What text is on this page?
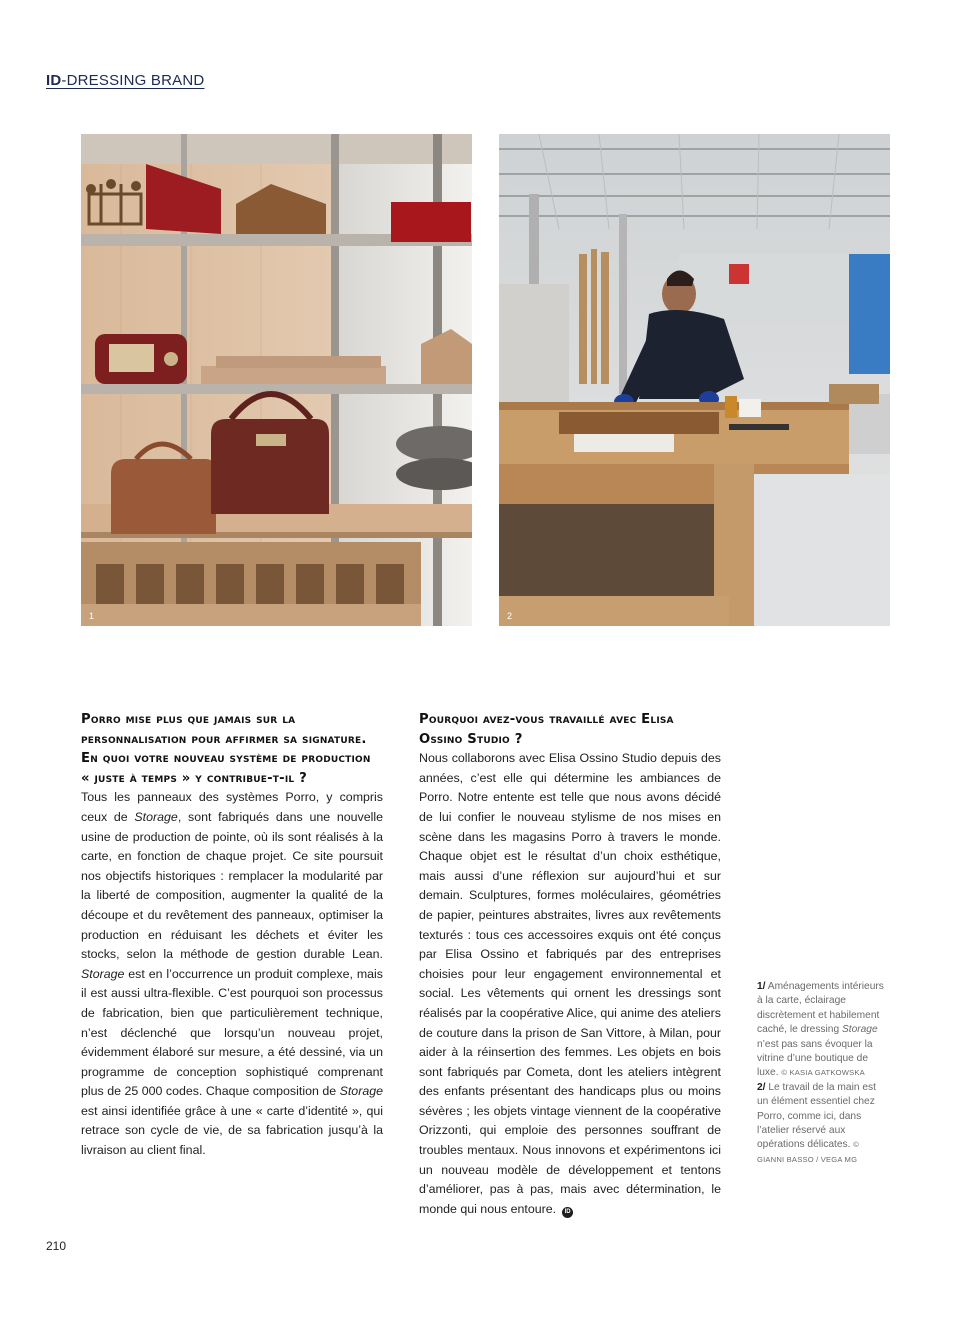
ID-DRESSING BRAND
1	2
Porro mise plus que jamais sur la personnalisation pour affirmer sa signature. En quoi votre nouveau système de production « juste à temps » y contribue-t-il ?
Tous les panneaux des systèmes Porro, y compris ceux de Storage, sont fabriqués dans une nouvelle usine de production de pointe, où ils sont réalisés à la carte, en fonction de chaque projet. Ce site poursuit nos objectifs historiques : remplacer la modularité par la liberté de composition, augmenter la qualité de la découpe et du revêtement des panneaux, optimiser la production en réduisant les déchets et éviter les stocks, selon la méthode de gestion durable Lean. Storage est en l’occurrence un produit complexe, mais il est aussi ultra-flexible. C’est pourquoi son processus de fabrication, bien que particulièrement technique, n’est déclenché que lorsqu’un nouveau projet, évidemment élaboré sur mesure, a été dessiné, via un programme de conception sophistiqué comprenant plus de 25 000 codes. Chaque composition de Storage est ainsi identifiée grâce à une « carte d’identité », qui retrace son cycle de vie, de sa fabrication jusqu’à la livraison au client final.
Pourquoi avez-vous travaillé avec Elisa Ossino Studio ?
Nous collaborons avec Elisa Ossino Studio depuis des années, c’est elle qui détermine les ambiances de Porro. Notre entente est telle que nous avons décidé de lui confier le nouveau stylisme de nos mises en scène dans les magasins Porro à travers le monde. Chaque objet est le résultat d’un choix esthétique, mais aussi d’une réflexion sur aujourd’hui et sur demain. Sculptures, formes moléculaires, géométries de papier, peintures abstraites, livres aux revêtements texturés : tous ces accessoires exquis ont été conçus par Elisa Ossino et fabriqués par des entreprises choisies pour leur engagement environnemental et social. Les vêtements qui ornent les dressings sont réalisés par la coopérative Alice, qui anime des ateliers de couture dans la prison de San Vittore, à Milan, pour aider à la réinsertion des femmes. Les objets en bois sont fabriqués par Cometa, dont les ateliers intègrent des enfants présentant des handicaps plus ou moins sévères ; les objets vintage viennent de la coopérative Orizzonti, qui emploie des personnes souffrant de troubles mentaux. Nous innovons et expérimentons ici un nouveau modèle de développement et tentons d’améliorer, pas à pas, mais avec détermination, le monde qui nous entoure. ID
1/ Aménagements intérieurs à la carte, éclairage discrètement et habilement caché, le dressing Storage n’est pas sans évoquer la vitrine d’une boutique de luxe. © KASIA GATKOWSKA
2/ Le travail de la main est un élément essentiel chez Porro, comme ici, dans l’atelier réservé aux opérations délicates. © GIANNI BASSO / VEGA MG
210
